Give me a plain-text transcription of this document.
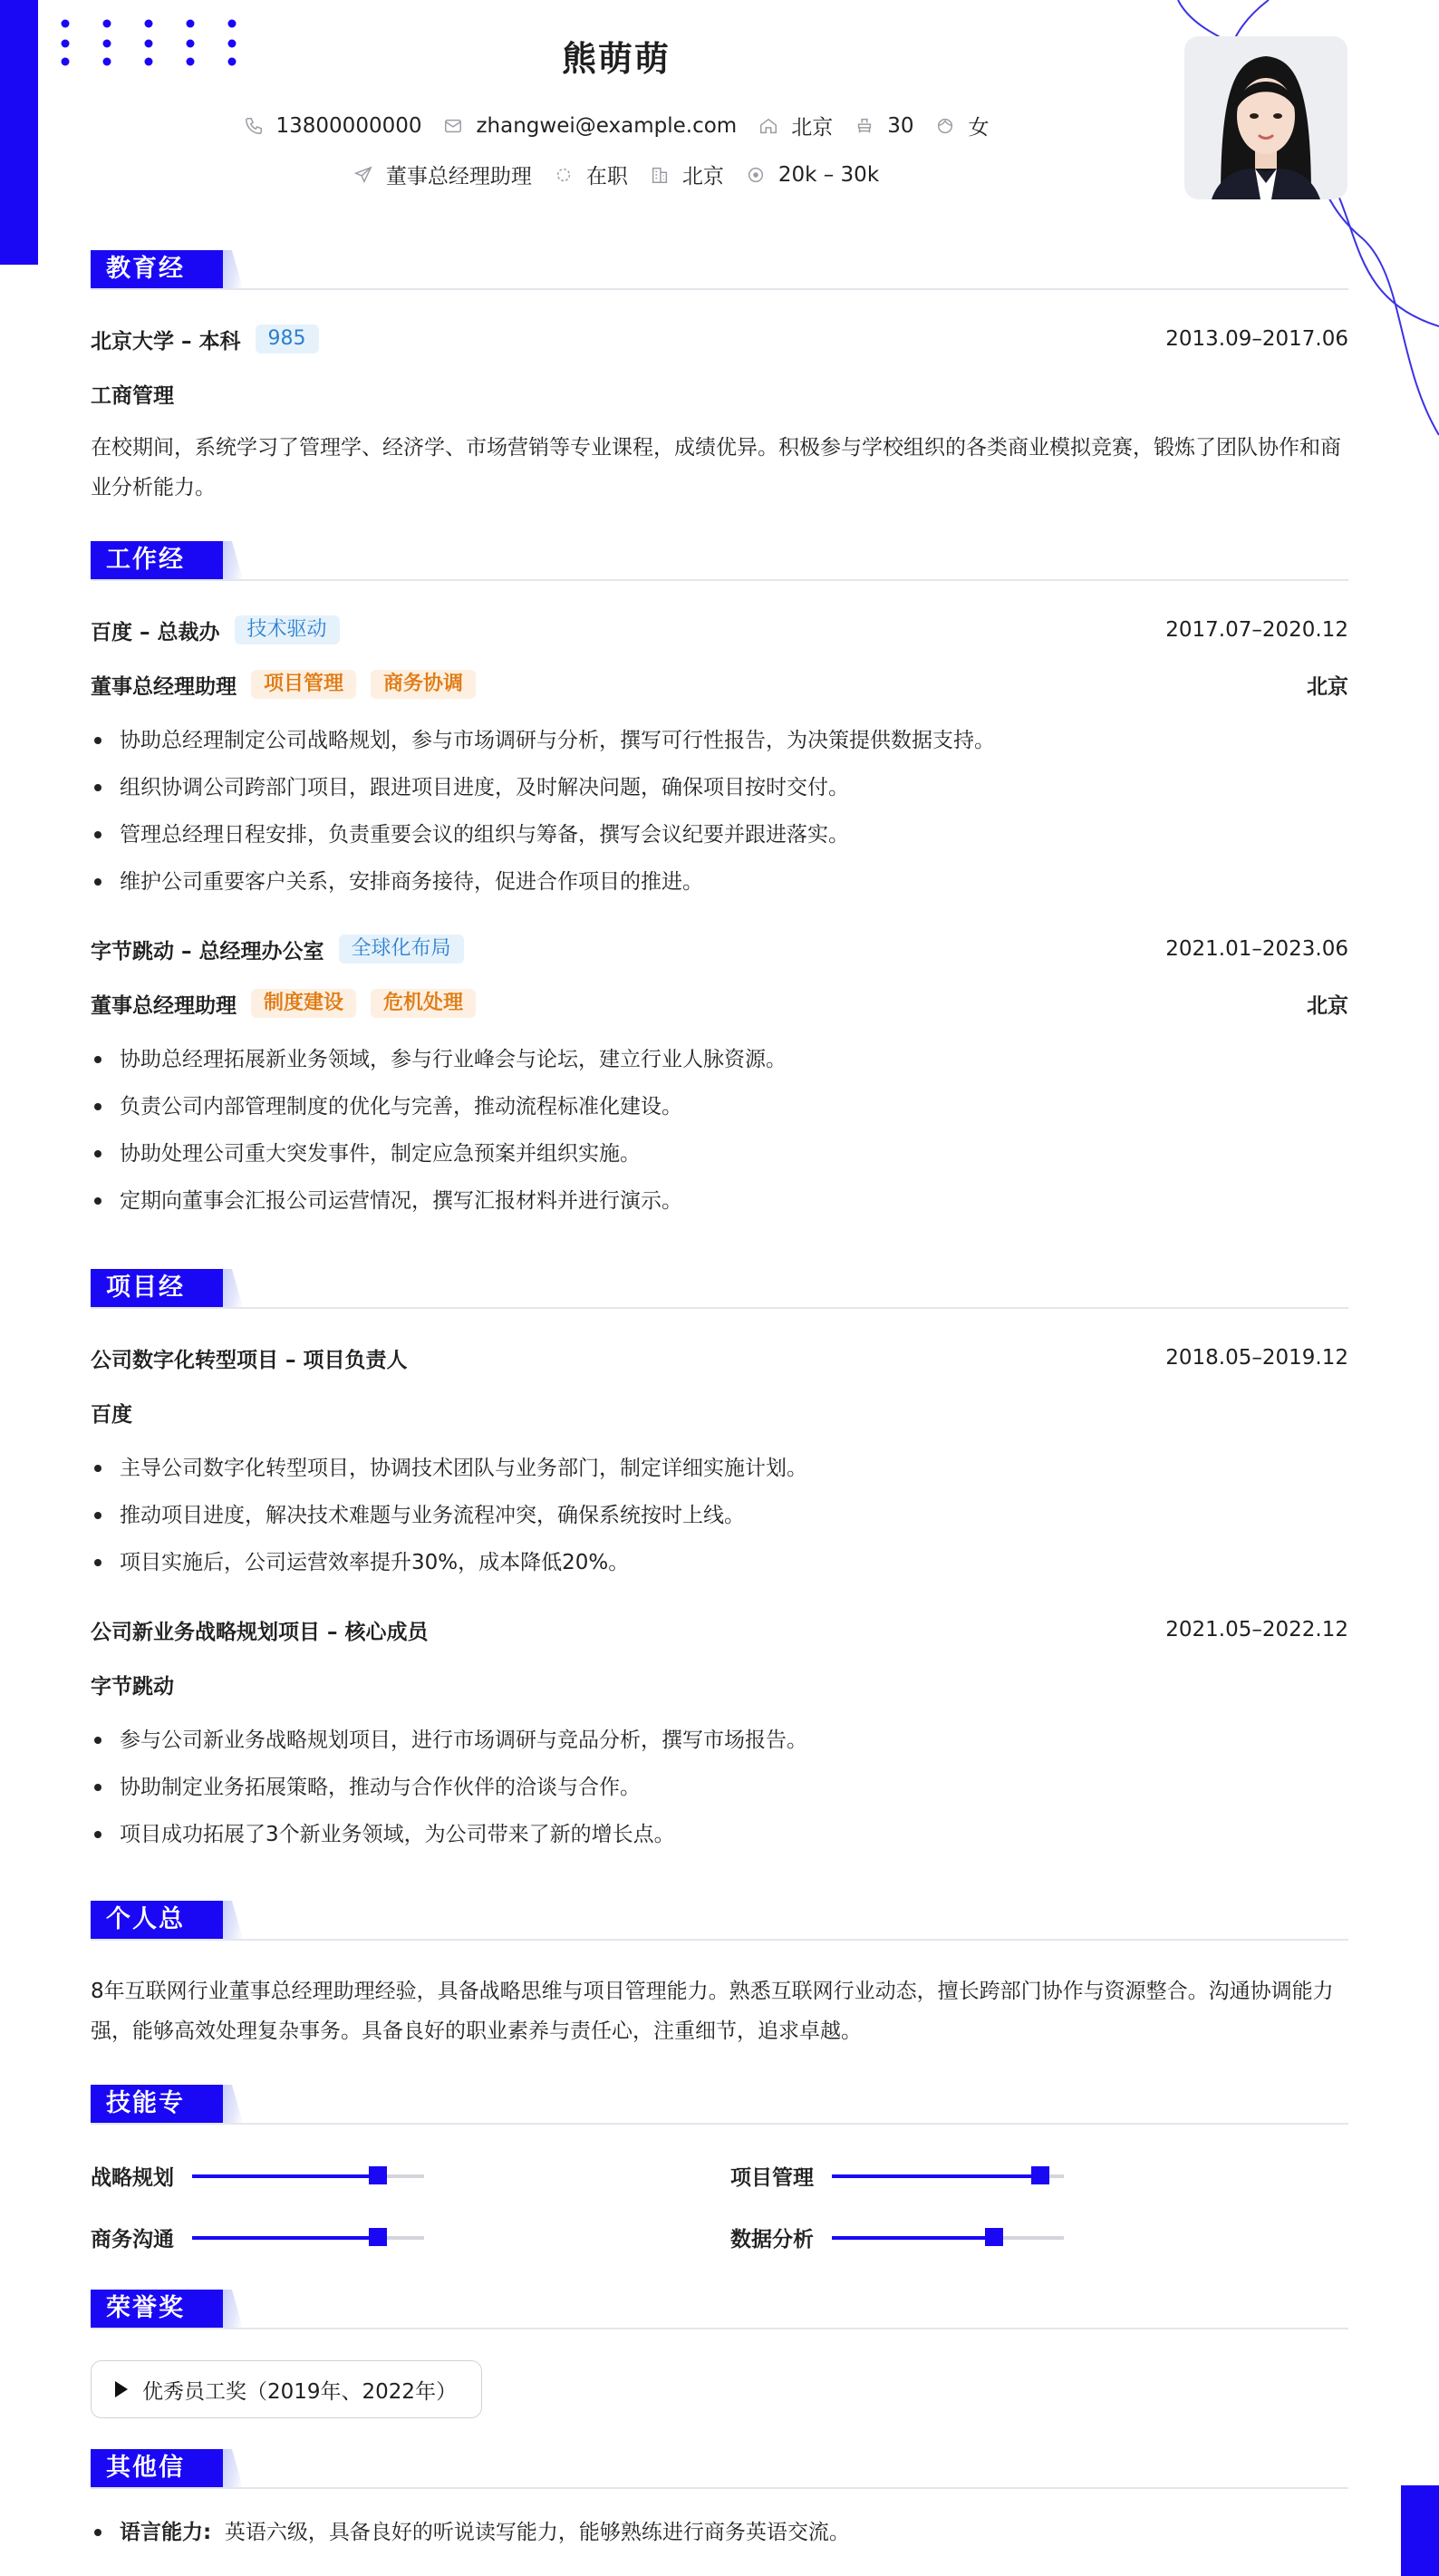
熊萌萌
13800000000	zhangwei@example.com	北京	30	女
董事总经理助理	在职	北京	20k – 30k
教育经历
北京大学 – 本科	985	2013.09–2017.06
工商管理
在校期间，系统学习了管理学、经济学、市场营销等专业课程，成绩优异。积极参与学校组织的各类商业模拟竞赛，锻炼了团队协作和商业分析能力。
工作经历
百度 – 总裁办	技术驱动	2017.07–2020.12
董事总经理助理	项目管理	商务协调	北京
协助总经理制定公司战略规划，参与市场调研与分析，撰写可行性报告，为决策提供数据支持。
组织协调公司跨部门项目，跟进项目进度，及时解决问题，确保项目按时交付。
管理总经理日程安排，负责重要会议的组织与筹备，撰写会议纪要并跟进落实。
维护公司重要客户关系，安排商务接待，促进合作项目的推进。
字节跳动 – 总经理办公室	全球化布局	2021.01–2023.06
董事总经理助理	制度建设	危机处理	北京
协助总经理拓展新业务领域，参与行业峰会与论坛，建立行业人脉资源。
负责公司内部管理制度的优化与完善，推动流程标准化建设。
协助处理公司重大突发事件，制定应急预案并组织实施。
定期向董事会汇报公司运营情况，撰写汇报材料并进行演示。
项目经历
公司数字化转型项目 – 项目负责人	2018.05–2019.12
百度
主导公司数字化转型项目，协调技术团队与业务部门，制定详细实施计划。
推动项目进度，解决技术难题与业务流程冲突，确保系统按时上线。
项目实施后，公司运营效率提升30%，成本降低20%。
公司新业务战略规划项目 – 核心成员	2021.05–2022.12
字节跳动
参与公司新业务战略规划项目，进行市场调研与竞品分析，撰写市场报告。
协助制定业务拓展策略，推动与合作伙伴的洽谈与合作。
项目成功拓展了3个新业务领域，为公司带来了新的增长点。
个人总结
8年互联网行业董事总经理助理经验，具备战略思维与项目管理能力。熟悉互联网行业动态，擅长跨部门协作与资源整合。沟通协调能力强，能够高效处理复杂事务。具备良好的职业素养与责任心，注重细节，追求卓越。
技能专长
战略规划	项目管理
商务沟通	数据分析
荣誉奖项
优秀员工奖（2019年、2022年）
其他信息
语言能力: 英语六级，具备良好的听说读写能力，能够熟练进行商务英语交流。
